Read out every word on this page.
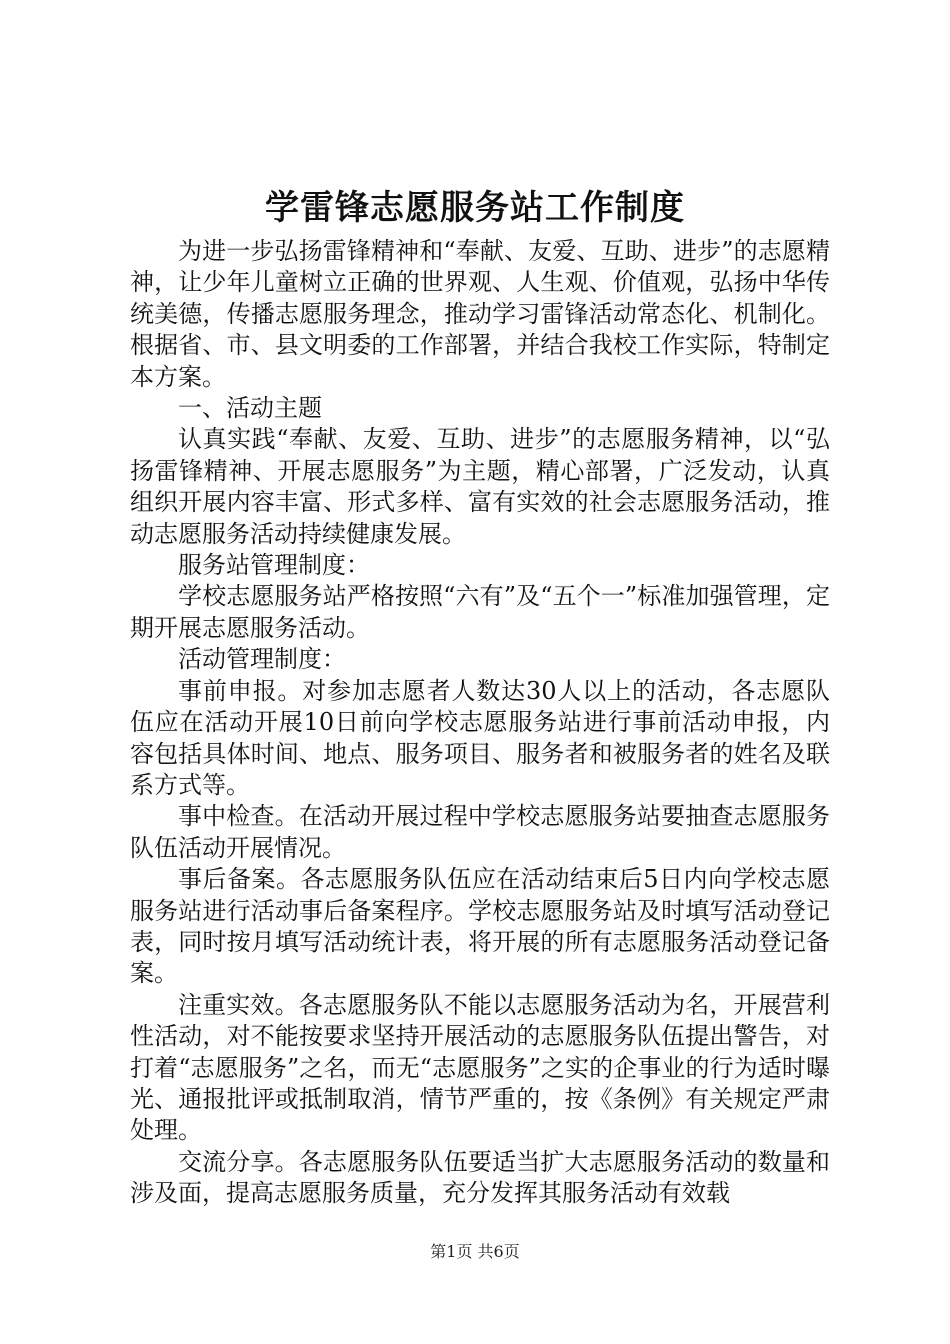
学雷锋志愿服务站工作制度

为进一步弘扬雷锋精神和“奉献、友爱、互助、进步”的志愿精神，让少年儿童树立正确的世界观、人生观、价值观，弘扬中华传统美德，传播志愿服务理念，推动学习雷锋活动常态化、机制化。根据省、市、县文明委的工作部署，并结合我校工作实际，特制定本方案。

一、活动主题

认真实践“奉献、友爱、互助、进步”的志愿服务精神，以“弘扬雷锋精神、开展志愿服务”为主题，精心部署，广泛发动，认真组织开展内容丰富、形式多样、富有实效的社会志愿服务活动，推动志愿服务活动持续健康发展。

服务站管理制度：

学校志愿服务站严格按照“六有”及“五个一”标准加强管理，定期开展志愿服务活动。

活动管理制度：

事前申报。对参加志愿者人数达30人以上的活动，各志愿队伍应在活动开展10日前向学校志愿服务站进行事前活动申报，内容包括具体时间、地点、服务项目、服务者和被服务者的姓名及联系方式等。

事中检查。在活动开展过程中学校志愿服务站要抽查志愿服务队伍活动开展情况。

事后备案。各志愿服务队伍应在活动结束后5日内向学校志愿服务站进行活动事后备案程序。学校志愿服务站及时填写活动登记表，同时按月填写活动统计表，将开展的所有志愿服务活动登记备案。

注重实效。各志愿服务队不能以志愿服务活动为名，开展营利性活动，对不能按要求坚持开展活动的志愿服务队伍提出警告，对打着“志愿服务”之名，而无“志愿服务”之实的企事业的行为适时曝光、通报批评或抵制取消，情节严重的，按《条例》有关规定严肃处理。

交流分享。各志愿服务队伍要适当扩大志愿服务活动的数量和涉及面，提高志愿服务质量，充分发挥其服务活动有效载

第1页 共6页
